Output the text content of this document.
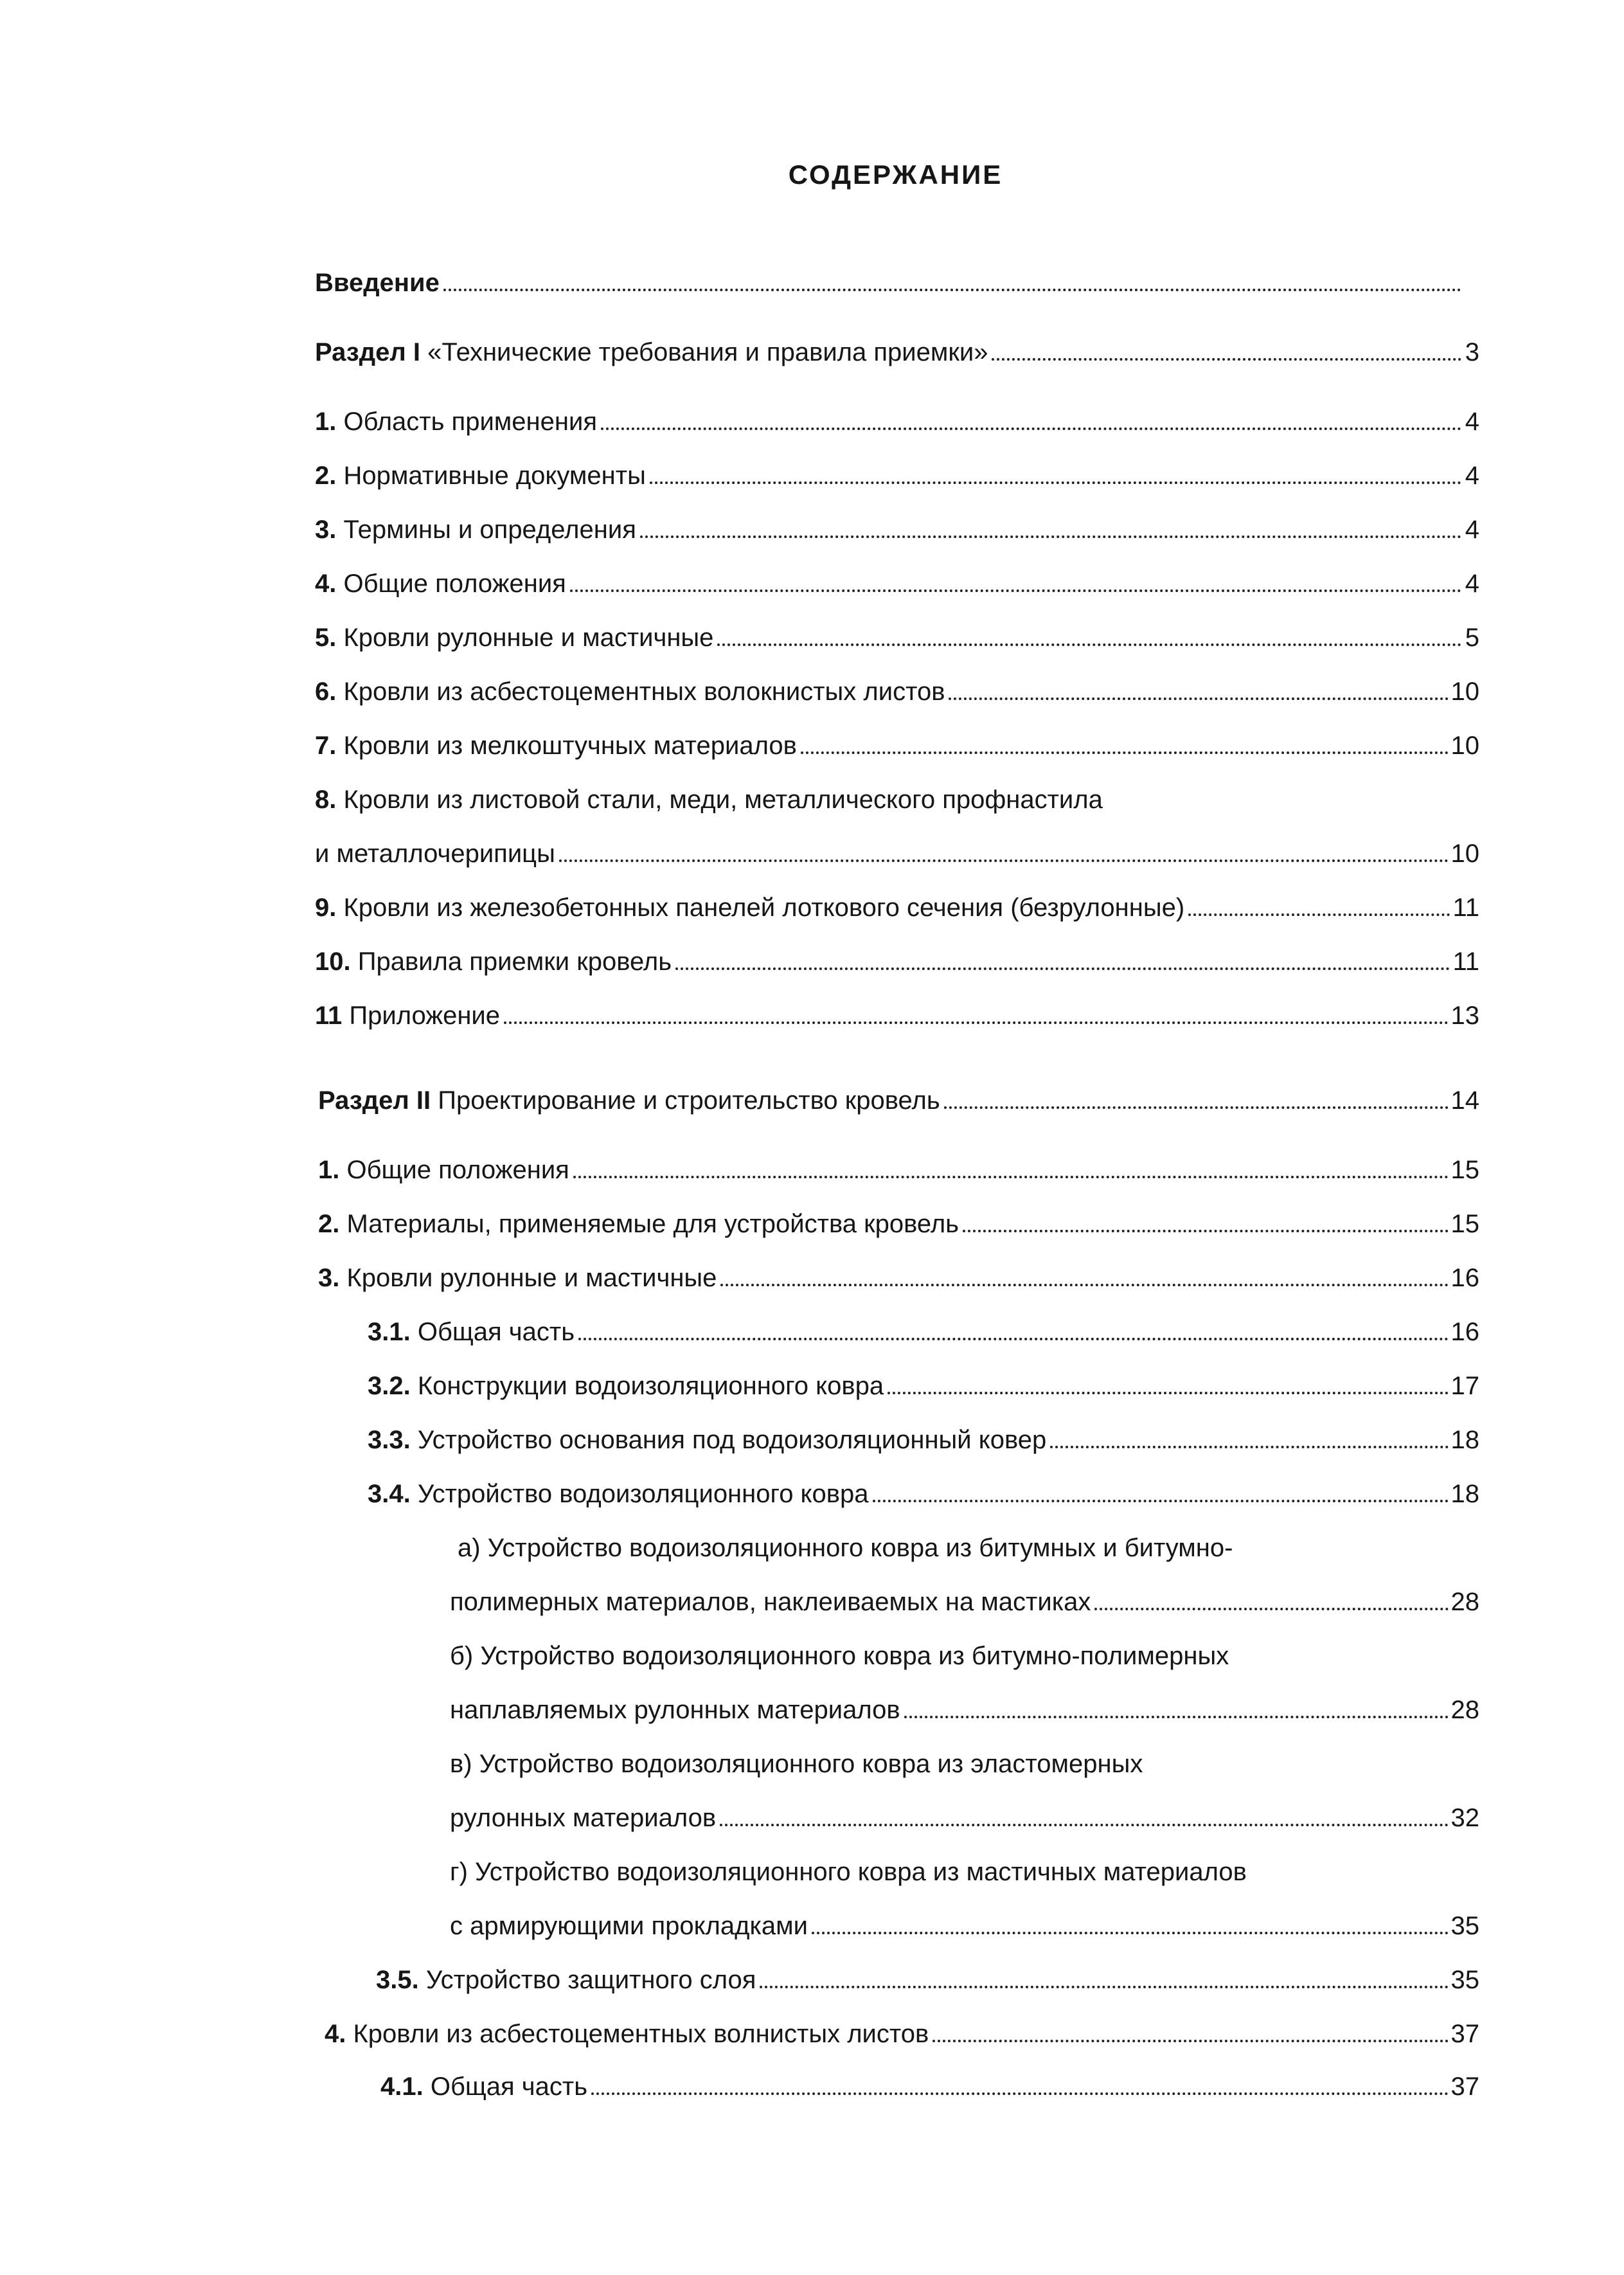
СОДЕРЖАНИЕ
Введение
Раздел I «Технические требования и правила приемки»	3
1. Область применения	4
2. Нормативные документы	4
3. Термины и определения	4
4. Общие положения	4
5. Кровли рулонные и мастичные	5
6. Кровли из асбестоцементных волокнистых листов	10
7. Кровли из мелкоштучных материалов	10
8. Кровли из листовой стали, меди, металлического профнастила
и металлочерипицы	10
9. Кровли из железобетонных панелей лоткового сечения (безрулонные)	11
10. Правила приемки кровель	11
11 Приложение	13
Раздел II Проектирование и строительство кровель	14
1. Общие положения	15
2. Материалы, применяемые для устройства кровель	15
3. Кровли рулонные и мастичные	16
3.1. Общая часть	16
3.2. Конструкции водоизоляционного ковра	17
3.3. Устройство основания под водоизоляционный ковер	18
3.4. Устройство водоизоляционного ковра	18
а) Устройство водоизоляционного ковра из битумных и битумно-
полимерных материалов, наклеиваемых на мастиках	28
б) Устройство водоизоляционного ковра из битумно-полимерных
наплавляемых рулонных материалов	28
в) Устройство водоизоляционного ковра из эластомерных
рулонных материалов	32
г) Устройство водоизоляционного ковра из мастичных материалов
с армирующими прокладками	35
3.5. Устройство защитного слоя	35
4. Кровли из асбестоцементных волнистых листов	37
4.1. Общая часть	37
